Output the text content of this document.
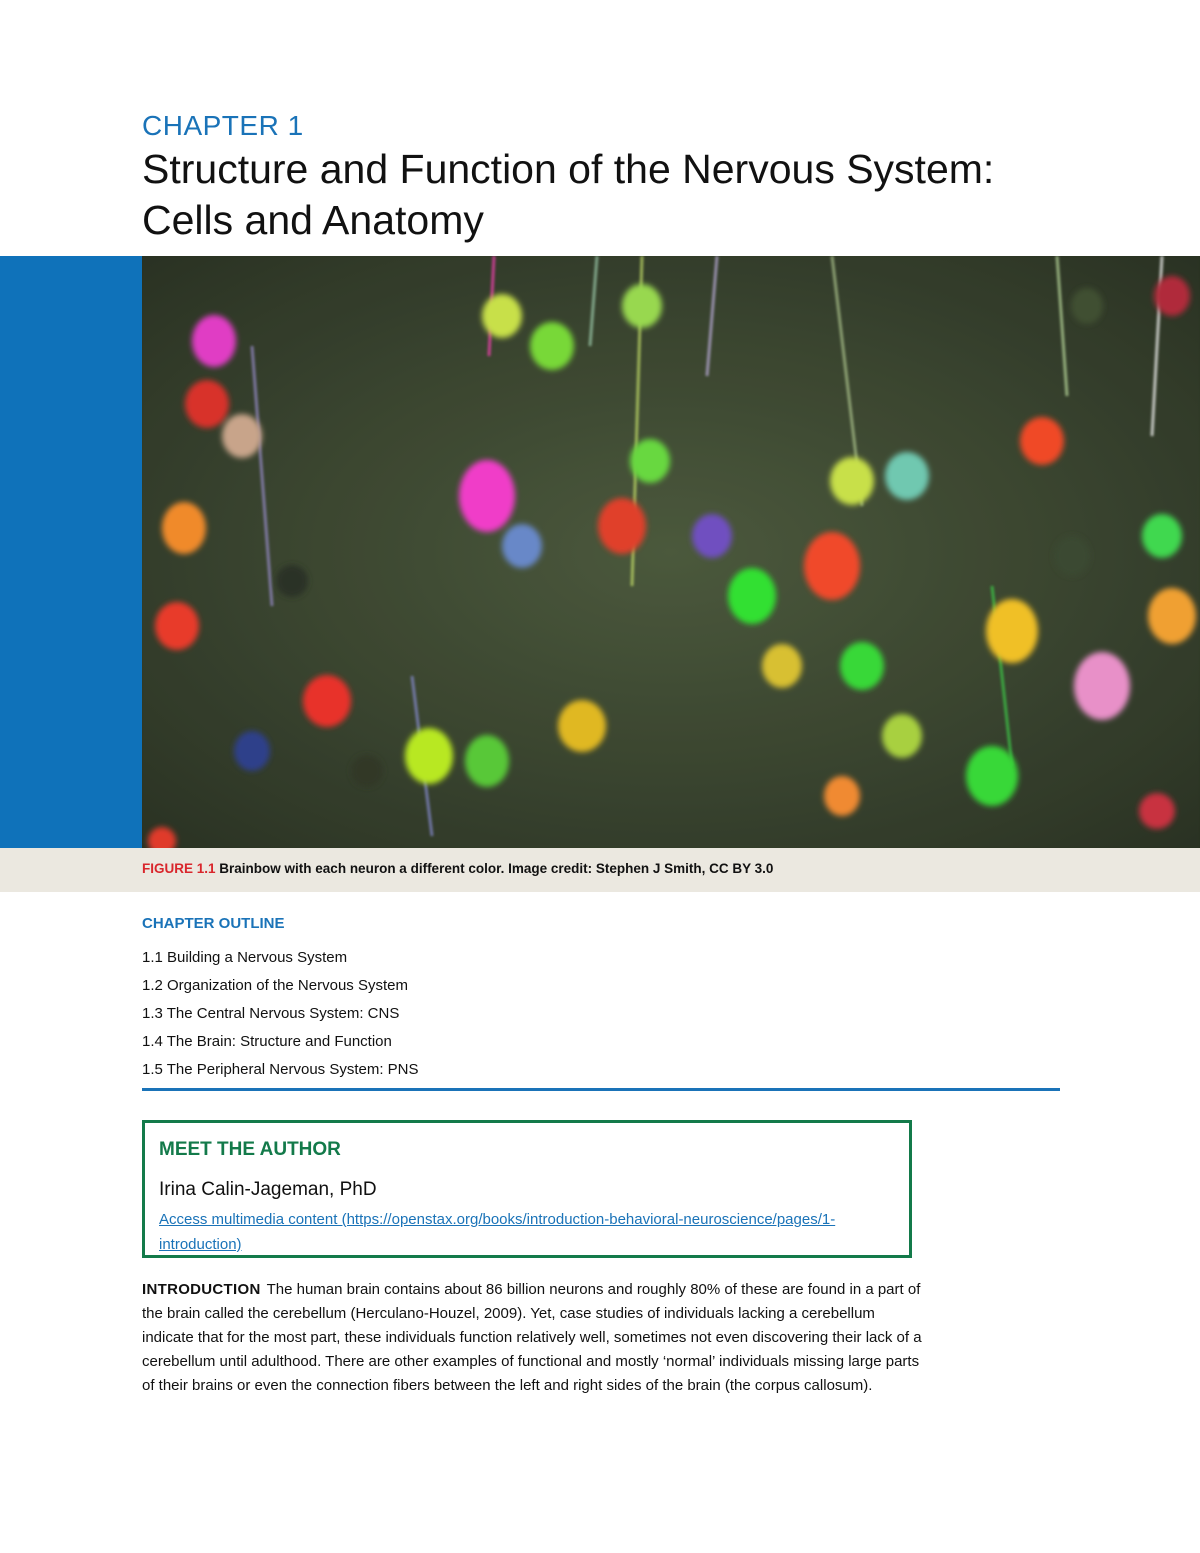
CHAPTER 1
Structure and Function of the Nervous System: Cells and Anatomy
FIGURE 1.1 Brainbow with each neuron a different color. Image credit: Stephen J Smith, CC BY 3.0
CHAPTER OUTLINE
1.1 Building a Nervous System
1.2 Organization of the Nervous System
1.3 The Central Nervous System: CNS
1.4 The Brain: Structure and Function
1.5 The Peripheral Nervous System: PNS
MEET THE AUTHOR
Irina Calin-Jageman, PhD
Access multimedia content (https://openstax.org/books/introduction-behavioral-neuroscience/pages/1-introduction)

INTRODUCTION The human brain contains about 86 billion neurons and roughly 80% of these are found in a part of the brain called the cerebellum (Herculano-Houzel, 2009). Yet, case studies of individuals lacking a cerebellum indicate that for the most part, these individuals function relatively well, sometimes not even discovering their lack of a cerebellum until adulthood. There are other examples of functional and mostly ‘normal’ individuals missing large parts of their brains or even the connection fibers between the left and right sides of the brain (the corpus callosum).
